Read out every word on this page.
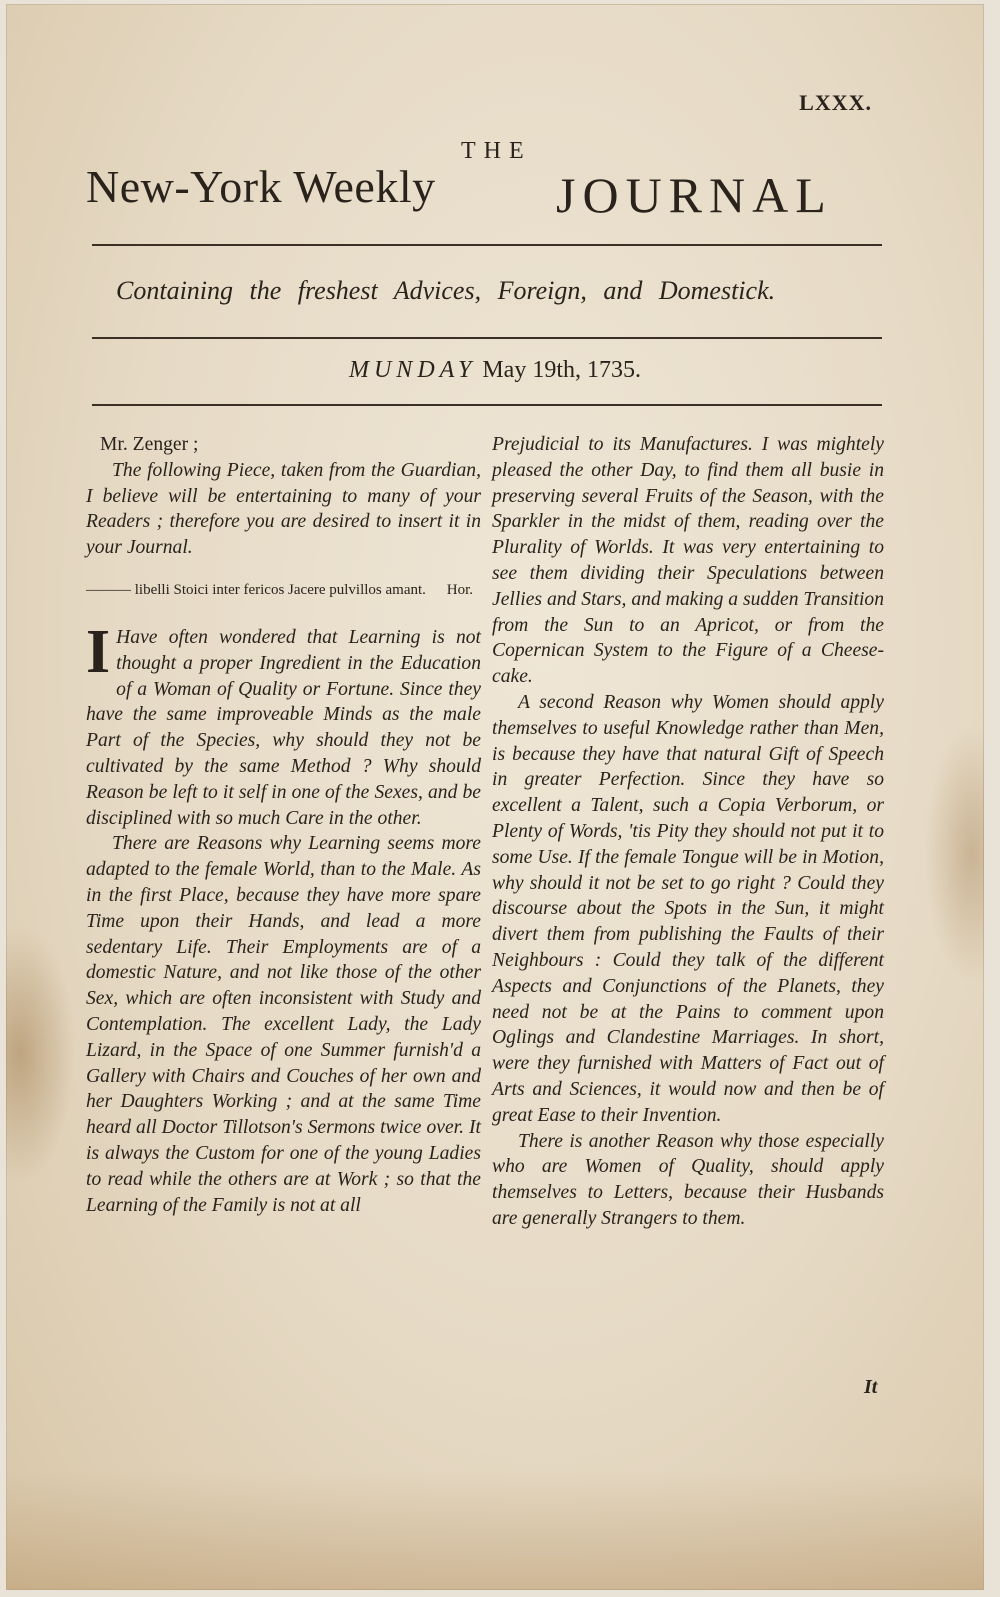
LXXX.
THE
New-York Weekly JOURNAL
Containing the freshest Advices, Foreign, and Domestick.
MUNDAY May 19th, 1735.

Mr. Zenger ;

The following Piece, taken from the Guardian, I believe will be entertaining to many of your Readers ; therefore you are desired to insert it in your Journal.

——— libelli Stoici inter fericos Jacere pulvillos amant. Hor.

I Have often wondered that Learning is not thought a proper Ingredient in the Education of a Woman of Quality or Fortune. Since they have the same improveable Minds as the male Part of the Species, why should they not be cultivated by the same Method ? Why should Reason be left to it self in one of the Sexes, and be disciplined with so much Care in the other.

There are Reasons why Learning seems more adapted to the female World, than to the Male. As in the first Place, because they have more spare Time upon their Hands, and lead a more sedentary Life. Their Employments are of a domestic Nature, and not like those of the other Sex, which are often inconsistent with Study and Contemplation. The excellent Lady, the Lady Lizard, in the Space of one Summer furnish'd a Gallery with Chairs and Couches of her own and her Daughters Working ; and at the same Time heard all Doctor Tillotson's Sermons twice over. It is always the Custom for one of the young Ladies to read while the others are at Work ; so that the Learning of the Family is not at all

Prejudicial to its Manufactures. I was mightely pleased the other Day, to find them all busie in preserving several Fruits of the Season, with the Sparkler in the midst of them, reading over the Plurality of Worlds. It was very entertaining to see them dividing their Speculations between Jellies and Stars, and making a sudden Transition from the Sun to an Apricot, or from the Copernican System to the Figure of a Cheese-cake.

A second Reason why Women should apply themselves to useful Knowledge rather than Men, is because they have that natural Gift of Speech in greater Perfection. Since they have so excellent a Talent, such a Copia Verborum, or Plenty of Words, 'tis Pity they should not put it to some Use. If the female Tongue will be in Motion, why should it not be set to go right ? Could they discourse about the Spots in the Sun, it might divert them from publishing the Faults of their Neighbours : Could they talk of the different Aspects and Conjunctions of the Planets, they need not be at the Pains to comment upon Oglings and Clandestine Marriages. In short, were they furnished with Matters of Fact out of Arts and Sciences, it would now and then be of great Ease to their Invention.

There is another Reason why those especially who are Women of Quality, should apply themselves to Letters, because their Husbands are generally Strangers to them.

It
